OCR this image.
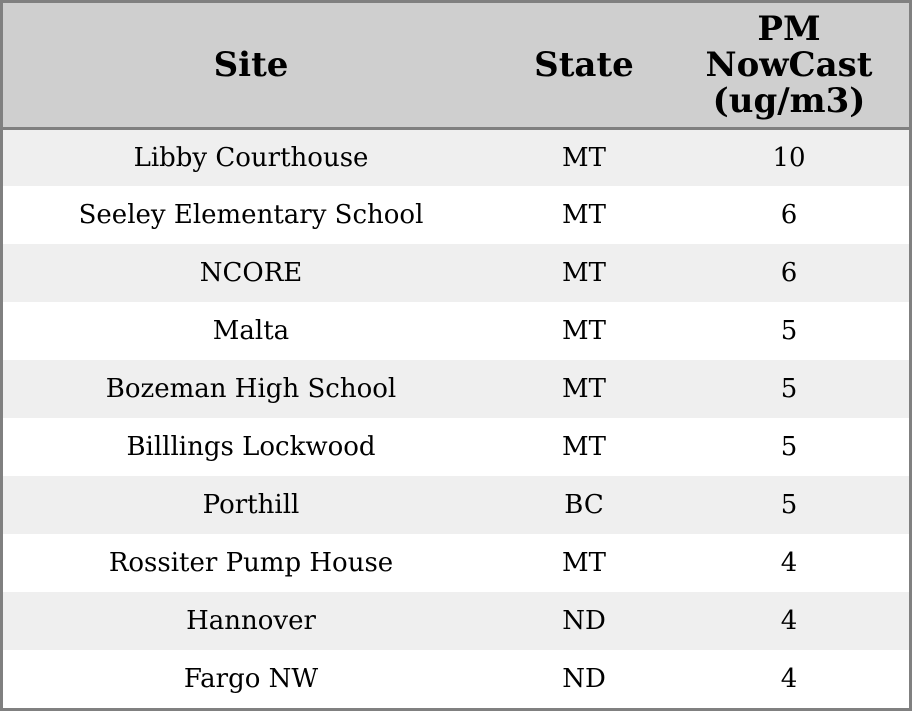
Site	State	PM
NowCast
(ug/m3)

Libby Courthouse	MT	10
Seeley Elementary School	MT	6
NCORE	MT	6
Malta	MT	5
Bozeman High School	MT	5
Billlings Lockwood	MT	5
Porthill	BC	5
Rossiter Pump House	MT	4
Hannover	ND	4
Fargo NW	ND	4
